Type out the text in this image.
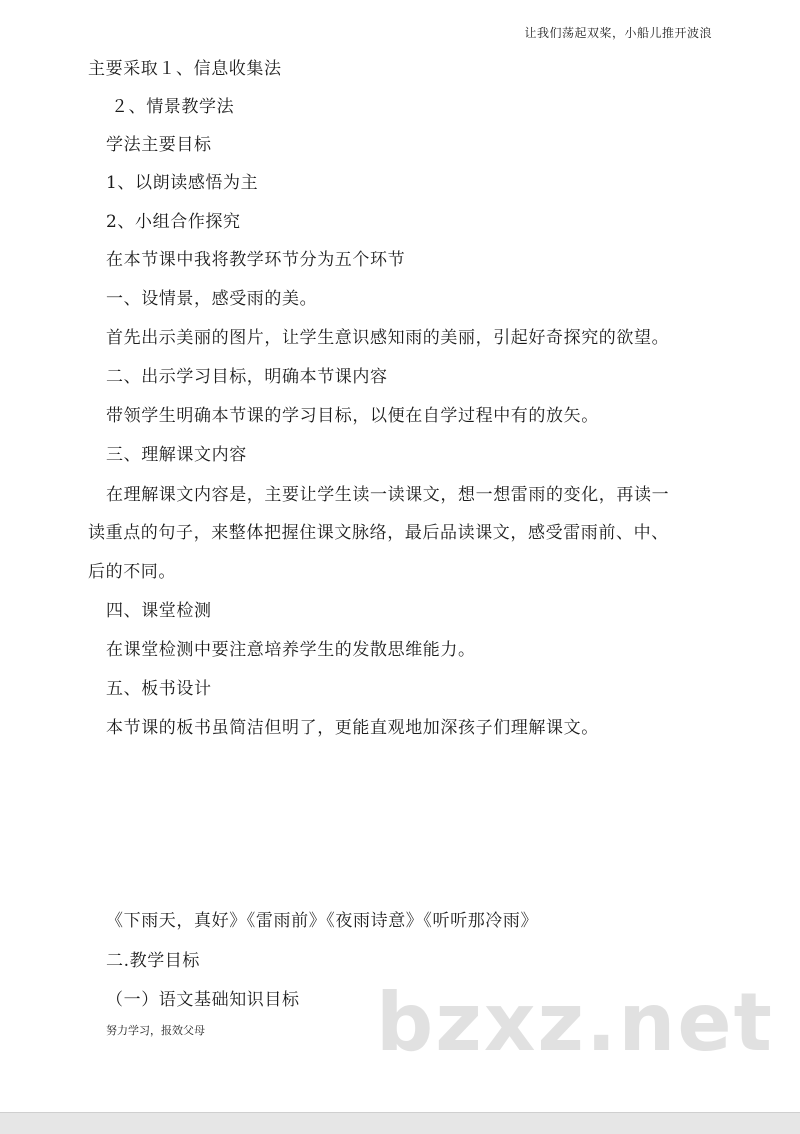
让我们荡起双桨，小船儿推开波浪
主要采取１、信息收集法
２、情景教学法
学法主要目标
1、以朗读感悟为主
2、小组合作探究
在本节课中我将教学环节分为五个环节
一、设情景，感受雨的美。
首先出示美丽的图片，让学生意识感知雨的美丽，引起好奇探究的欲望。
二、出示学习目标，明确本节课内容
带领学生明确本节课的学习目标，以便在自学过程中有的放矢。
三、理解课文内容
在理解课文内容是，主要让学生读一读课文，想一想雷雨的变化，再读一
读重点的句子，来整体把握住课文脉络，最后品读课文，感受雷雨前、中、
后的不同。
四、课堂检测
在课堂检测中要注意培养学生的发散思维能力。
五、板书设计
本节课的板书虽简洁但明了，更能直观地加深孩子们理解课文。
《下雨天，真好》《雷雨前》《夜雨诗意》《听听那冷雨》
二.教学目标
（一）语文基础知识目标 bzxz.net
努力学习，报效父母
